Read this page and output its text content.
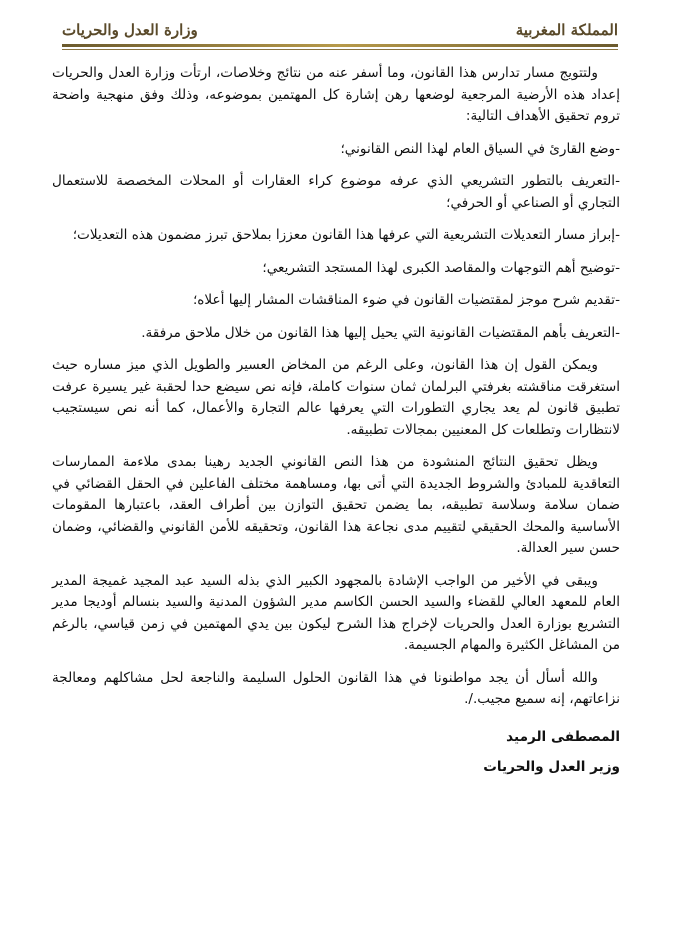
المملكة المغربية
وزارة العدل والحريات

ولتتويج مسار تدارس هذا القانون، وما أسفر عنه من نتائج وخلاصات، ارتأت وزارة العدل والحريات إعداد هذه الأرضية المرجعية لوضعها رهن إشارة كل المهتمين بموضوعه، وذلك وفق منهجية واضحة تروم تحقيق الأهداف التالية:

-وضع القارئ في السياق العام لهذا النص القانوني؛

-التعريف بالتطور التشريعي الذي عرفه موضوع كراء العقارات أو المحلات المخصصة للاستعمال التجاري أو الصناعي أو الحرفي؛

-إبراز مسار التعديلات التشريعية التي عرفها هذا القانون معززا بملاحق تبرز مضمون هذه التعديلات؛

-توضيح أهم التوجهات والمقاصد الكبرى لهذا المستجد التشريعي؛

-تقديم شرح موجز لمقتضيات القانون في ضوء المناقشات المشار إليها أعلاه؛

-التعريف بأهم المقتضيات القانونية التي يحيل إليها هذا القانون من خلال ملاحق مرفقة.

ويمكن القول إن هذا القانون، وعلى الرغم من المخاض العسير والطويل الذي ميز مساره حيث استغرقت مناقشته بغرفتي البرلمان ثمان سنوات كاملة، فإنه نص سيضع حدا لحقبة غير يسيرة عرفت تطبيق قانون لم يعد يجاري التطورات التي يعرفها عالم التجارة والأعمال، كما أنه نص سيستجيب لانتظارات وتطلعات كل المعنيين بمجالات تطبيقه.

ويظل تحقيق النتائج المنشودة من هذا النص القانوني الجديد رهينا بمدى ملاءمة الممارسات التعاقدية للمبادئ والشروط الجديدة التي أتى بها، ومساهمة مختلف الفاعلين في الحقل القضائي في ضمان سلامة وسلاسة تطبيقه، بما يضمن تحقيق التوازن بين أطراف العقد، باعتبارها المقومات الأساسية والمحك الحقيقي لتقييم مدى نجاعة هذا القانون، وتحقيقه للأمن القانوني والقضائي، وضمان حسن سير العدالة.

ويبقى في الأخير من الواجب الإشادة بالمجهود الكبير الذي بذله السيد عبد المجيد غميجة المدير العام للمعهد العالي للقضاء والسيد الحسن الكاسم مدير الشؤون المدنية والسيد بنسالم أوديجا مدير التشريع بوزارة العدل والحريات لإخراج هذا الشرح ليكون بين يدي المهتمين في زمن قياسي، بالرغم من المشاغل الكثيرة والمهام الجسيمة.

والله أسأل أن يجد مواطنونا في هذا القانون الحلول السليمة والناجعة لحل مشاكلهم ومعالجة نزاعاتهم، إنه سميع مجيب./.

المصطفى الرميد
وزير العدل والحريات
